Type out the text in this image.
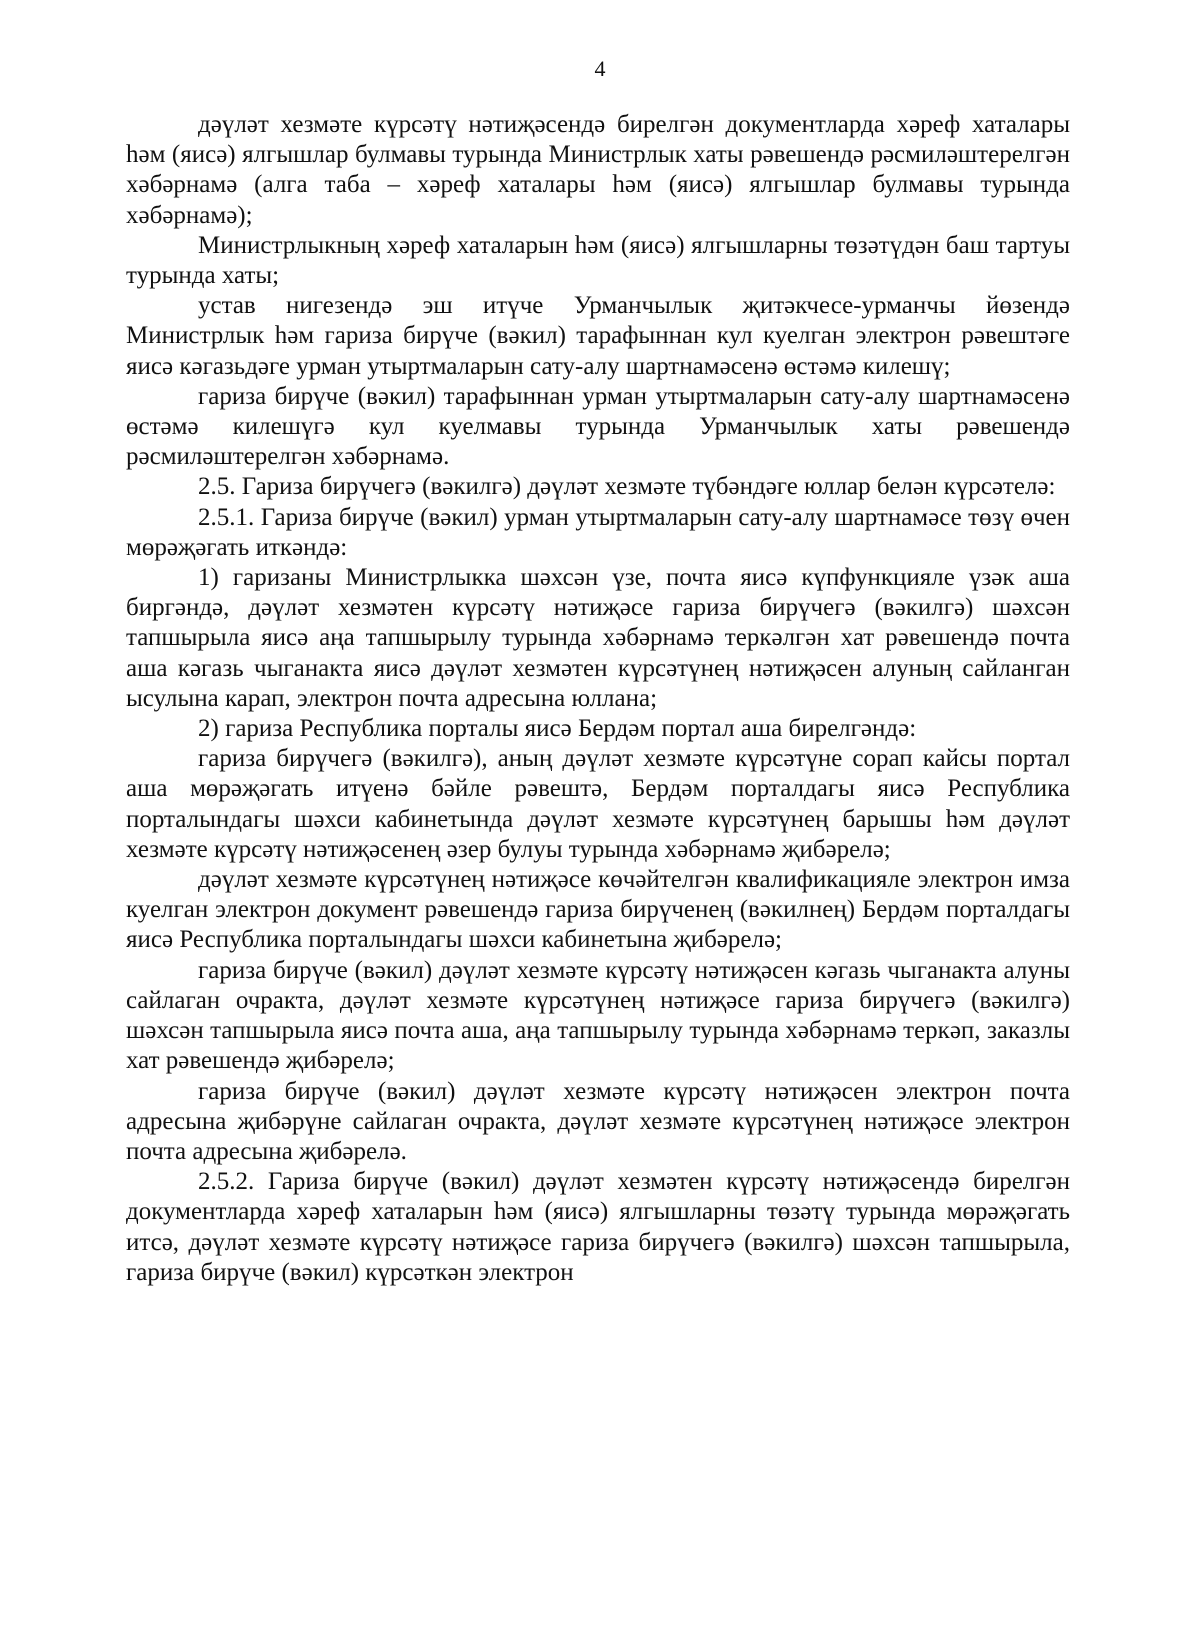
4

дәүләт хезмәте күрсәтү нәтиҗәсендә бирелгән документларда хәреф хаталары һәм (яисә) ялгышлар булмавы турында Министрлык хаты рәвешендә рәсмиләштерелгән хәбәрнамә (алга таба – хәреф хаталары һәм (яисә) ялгышлар булмавы турында хәбәрнамә);

Министрлыкның хәреф хаталарын һәм (яисә) ялгышларны төзәтүдән баш тартуы турында хаты;

устав нигезендә эш итүче Урманчылык җитәкчесе-урманчы йөзендә Министрлык һәм гариза бирүче (вәкил) тарафыннан кул куелган электрон рәвештәге яисә кәгазьдәге урман утыртмаларын сату-алу шартнамәсенә өстәмә килешү;

гариза бирүче (вәкил) тарафыннан урман утыртмаларын сату-алу шартнамәсенә өстәмә килешүгә кул куелмавы турында Урманчылык хаты рәвешендә рәсмиләштерелгән хәбәрнамә.

2.5. Гариза бирүчегә (вәкилгә) дәүләт хезмәте түбәндәге юллар белән күрсәтелә:

2.5.1. Гариза бирүче (вәкил) урман утыртмаларын сату-алу шартнамәсе төзү өчен мөрәҗәгать иткәндә:

1) гаризаны Министрлыкка шәхсән үзе, почта яисә күпфункцияле үзәк аша биргәндә, дәүләт хезмәтен күрсәтү нәтиҗәсе гариза бирүчегә (вәкилгә) шәхсән тапшырыла яисә аңа тапшырылу турында хәбәрнамә теркәлгән хат рәвешендә почта аша кәгазь чыганакта яисә дәүләт хезмәтен күрсәтүнең нәтиҗәсен алуның сайланган ысулына карап, электрон почта адресына юллана;

2) гариза Республика порталы яисә Бердәм портал аша бирелгәндә:

гариза бирүчегә (вәкилгә), аның дәүләт хезмәте күрсәтүне сорап кайсы портал аша мөрәҗәгать итүенә бәйле рәвештә, Бердәм порталдагы яисә Республика порталындагы шәхси кабинетында дәүләт хезмәте күрсәтүнең барышы һәм дәүләт хезмәте күрсәтү нәтиҗәсенең әзер булуы турында хәбәрнамә җибәрелә;

дәүләт хезмәте күрсәтүнең нәтиҗәсе көчәйтелгән квалификацияле электрон имза куелган электрон документ рәвешендә гариза бирүченең (вәкилнең) Бердәм порталдагы яисә Республика порталындагы шәхси кабинетына җибәрелә;

гариза бирүче (вәкил) дәүләт хезмәте күрсәтү нәтиҗәсен кәгазь чыганакта алуны сайлаган очракта, дәүләт хезмәте күрсәтүнең нәтиҗәсе гариза бирүчегә (вәкилгә) шәхсән тапшырыла яисә почта аша, аңа тапшырылу турында хәбәрнамә теркәп, заказлы хат рәвешендә җибәрелә;

гариза бирүче (вәкил) дәүләт хезмәте күрсәтү нәтиҗәсен электрон почта адресына җибәрүне сайлаган очракта, дәүләт хезмәте күрсәтүнең нәтиҗәсе электрон почта адресына җибәрелә.

2.5.2. Гариза бирүче (вәкил) дәүләт хезмәтен күрсәтү нәтиҗәсендә бирелгән документларда хәреф хаталарын һәм (яисә) ялгышларны төзәтү турында мөрәҗәгать итсә, дәүләт хезмәте күрсәтү нәтиҗәсе гариза бирүчегә (вәкилгә) шәхсән тапшырыла, гариза бирүче (вәкил) күрсәткән электрон
